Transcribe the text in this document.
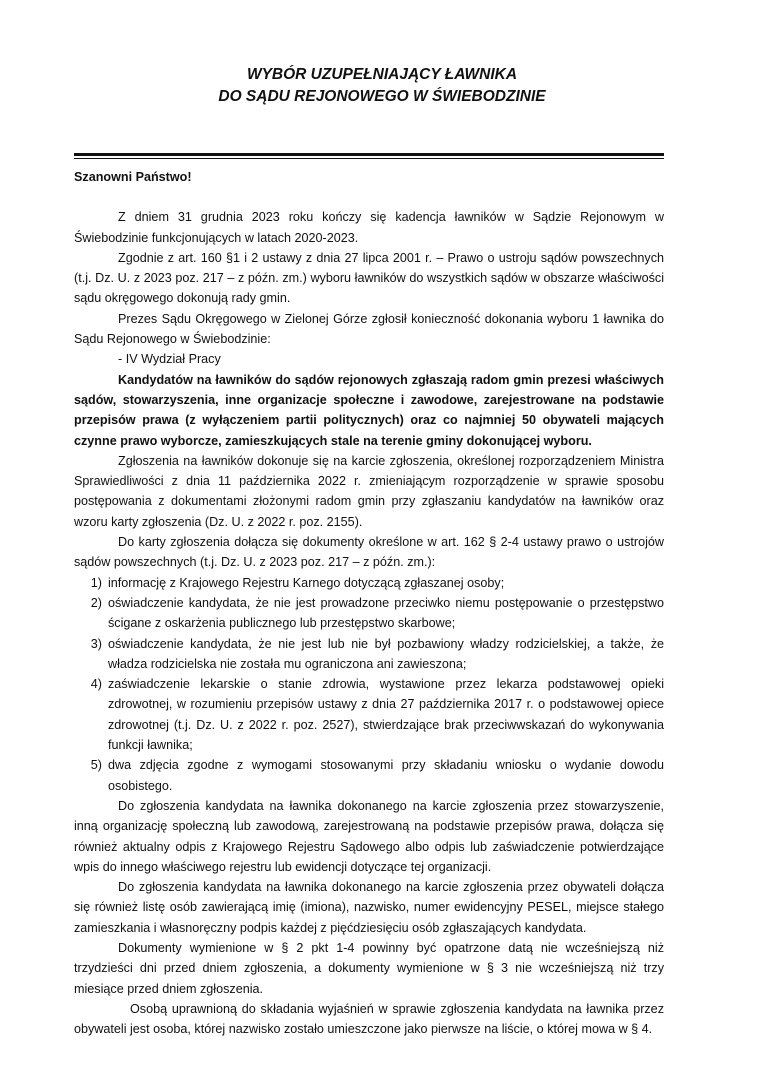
WYBÓR UZUPEŁNIAJĄCY ŁAWNIKA
DO SĄDU REJONOWEGO W ŚWIEBODZINIE
Szanowni Państwo!

Z dniem 31 grudnia 2023 roku kończy się kadencja ławników w Sądzie Rejonowym w Świebodzinie funkcjonujących w latach 2020-2023.

Zgodnie z art. 160 §1 i 2 ustawy z dnia 27 lipca 2001 r. – Prawo o ustroju sądów powszechnych (t.j. Dz. U. z 2023 poz. 217 – z późn. zm.) wyboru ławników do wszystkich sądów w obszarze właściwości sądu okręgowego dokonują rady gmin.

Prezes Sądu Okręgowego w Zielonej Górze zgłosił konieczność dokonania wyboru 1 ławnika do Sądu Rejonowego w Świebodzinie:

- IV Wydział Pracy

Kandydatów na ławników do sądów rejonowych zgłaszają radom gmin prezesi właściwych sądów, stowarzyszenia, inne organizacje społeczne i zawodowe, zarejestrowane na podstawie przepisów prawa (z wyłączeniem partii politycznych) oraz co najmniej 50 obywateli mających czynne prawo wyborcze, zamieszkujących stale na terenie gminy dokonującej wyboru.

Zgłoszenia na ławników dokonuje się na karcie zgłoszenia, określonej rozporządzeniem Ministra Sprawiedliwości z dnia 11 października 2022 r. zmieniającym rozporządzenie w sprawie sposobu postępowania z dokumentami złożonymi radom gmin przy zgłaszaniu kandydatów na ławników oraz wzoru karty zgłoszenia (Dz. U. z 2022 r. poz. 2155).

Do karty zgłoszenia dołącza się dokumenty określone w art. 162 § 2-4 ustawy prawo o ustrojów sądów powszechnych (t.j. Dz. U. z 2023 poz. 217 – z późn. zm.):

1) informację z Krajowego Rejestru Karnego dotyczącą zgłaszanej osoby;
2) oświadczenie kandydata, że nie jest prowadzone przeciwko niemu postępowanie o przestępstwo ścigane z oskarżenia publicznego lub przestępstwo skarbowe;
3) oświadczenie kandydata, że nie jest lub nie był pozbawiony władzy rodzicielskiej, a także, że władza rodzicielska nie została mu ograniczona ani zawieszona;
4) zaświadczenie lekarskie o stanie zdrowia, wystawione przez lekarza podstawowej opieki zdrowotnej, w rozumieniu przepisów ustawy z dnia 27 października 2017 r. o podstawowej opiece zdrowotnej (t.j. Dz. U. z 2022 r. poz. 2527), stwierdzające brak przeciwwskazań do wykonywania funkcji ławnika;
5) dwa zdjęcia zgodne z wymogami stosowanymi przy składaniu wniosku o wydanie dowodu osobistego.

Do zgłoszenia kandydata na ławnika dokonanego na karcie zgłoszenia przez stowarzyszenie, inną organizację społeczną lub zawodową, zarejestrowaną na podstawie przepisów prawa, dołącza się również aktualny odpis z Krajowego Rejestru Sądowego albo odpis lub zaświadczenie potwierdzające wpis do innego właściwego rejestru lub ewidencji dotyczące tej organizacji.

Do zgłoszenia kandydata na ławnika dokonanego na karcie zgłoszenia przez obywateli dołącza się również listę osób zawierającą imię (imiona), nazwisko, numer ewidencyjny PESEL, miejsce stałego zamieszkania i własnoręczny podpis każdej z pięćdziesięciu osób zgłaszających kandydata.

Dokumenty wymienione w § 2 pkt 1-4 powinny być opatrzone datą nie wcześniejszą niż trzydzieści dni przed dniem zgłoszenia, a dokumenty wymienione w § 3 nie wcześniejszą niż trzy miesiące przed dniem zgłoszenia.

Osobą uprawnioną do składania wyjaśnień w sprawie zgłoszenia kandydata na ławnika przez obywateli jest osoba, której nazwisko zostało umieszczone jako pierwsze na liście, o której mowa w § 4.
